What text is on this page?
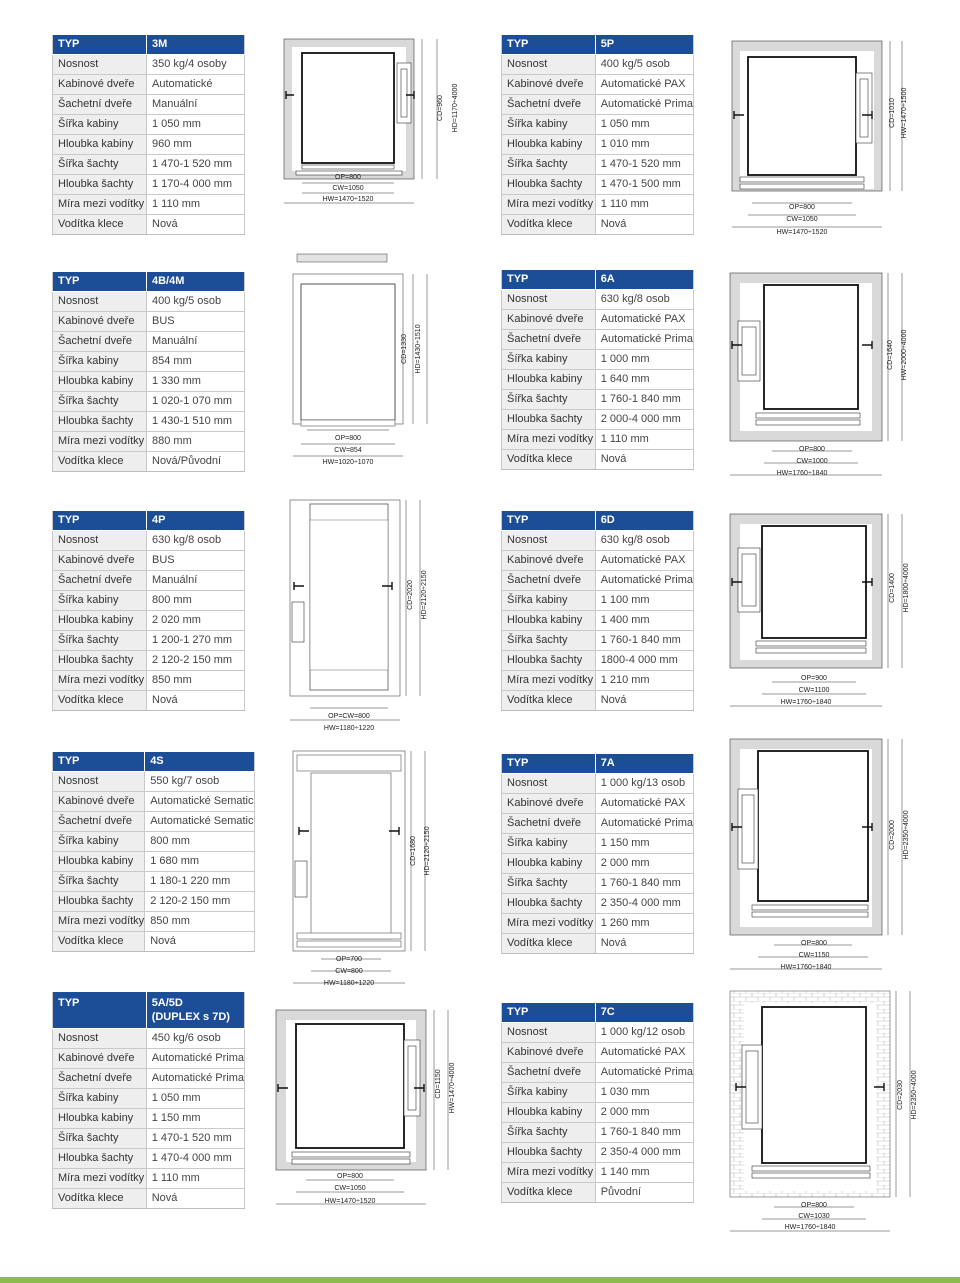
TYP	3M
Nosnost	350 kg/4 osoby
Kabinové dveře	Automatické
Šachetní dveře	Manuální
Šířka kabiny	1 050 mm
Hloubka kabiny	960 mm
Šířka šachty	1 470-1 520 mm
Hloubka šachty	1 170-4 000 mm
Míra mezi vodítky	1 110 mm
Vodítka klece	Nová
TYP	5P
Nosnost	400 kg/5 osob
Kabinové dveře	Automatické PAX
Šachetní dveře	Automatické Prima
Šířka kabiny	1 050 mm
Hloubka kabiny	1 010 mm
Šířka šachty	1 470-1 520 mm
Hloubka šachty	1 470-1 500 mm
Míra mezi vodítky	1 110 mm
Vodítka klece	Nová
TYP	4B/4M
Nosnost	400 kg/5 osob
Kabinové dveře	BUS
Šachetní dveře	Manuální
Šířka kabiny	854 mm
Hloubka kabiny	1 330 mm
Šířka šachty	1 020-1 070 mm
Hloubka šachty	1 430-1 510 mm
Míra mezi vodítky	880 mm
Vodítka klece	Nová/Původní
TYP	6A
Nosnost	630 kg/8 osob
Kabinové dveře	Automatické PAX
Šachetní dveře	Automatické Prima
Šířka kabiny	1 000 mm
Hloubka kabiny	1 640 mm
Šířka šachty	1 760-1 840 mm
Hloubka šachty	2 000-4 000 mm
Míra mezi vodítky	1 110 mm
Vodítka klece	Nová
TYP	4P
Nosnost	630 kg/8 osob
Kabinové dveře	BUS
Šachetní dveře	Manuální
Šířka kabiny	800 mm
Hloubka kabiny	2 020 mm
Šířka šachty	1 200-1 270 mm
Hloubka šachty	2 120-2 150 mm
Míra mezi vodítky	850 mm
Vodítka klece	Nová
TYP	6D
Nosnost	630 kg/8 osob
Kabinové dveře	Automatické PAX
Šachetní dveře	Automatické Prima
Šířka kabiny	1 100 mm
Hloubka kabiny	1 400 mm
Šířka šachty	1 760-1 840 mm
Hloubka šachty	1800-4 000 mm
Míra mezi vodítky	1 210 mm
Vodítka klece	Nová
TYP	4S
Nosnost	550 kg/7 osob
Kabinové dveře	Automatické Sematic
Šachetní dveře	Automatické Sematic
Šířka kabiny	800 mm
Hloubka kabiny	1 680 mm
Šířka šachty	1 180-1 220 mm
Hloubka šachty	2 120-2 150 mm
Míra mezi vodítky	850 mm
Vodítka klece	Nová
TYP	7A
Nosnost	1 000 kg/13 osob
Kabinové dveře	Automatické PAX
Šachetní dveře	Automatické Prima
Šířka kabiny	1 150 mm
Hloubka kabiny	2 000 mm
Šířka šachty	1 760-1 840 mm
Hloubka šachty	2 350-4 000 mm
Míra mezi vodítky	1 260 mm
Vodítka klece	Nová
TYP	5A/5D
(DUPLEX s 7D)
Nosnost	450 kg/6 osob
Kabinové dveře	Automatické Prima
Šachetní dveře	Automatické Prima
Šířka kabiny	1 050 mm
Hloubka kabiny	1 150 mm
Šířka šachty	1 470-1 520 mm
Hloubka šachty	1 470-4 000 mm
Míra mezi vodítky	1 110 mm
Vodítka klece	Nová
TYP	7C
Nosnost	1 000 kg/12 osob
Kabinové dveře	Automatické PAX
Šachetní dveře	Automatické Prima
Šířka kabiny	1 030 mm
Hloubka kabiny	2 000 mm
Šířka šachty	1 760-1 840 mm
Hloubka šachty	2 350-4 000 mm
Míra mezi vodítky	1 140 mm
Vodítka klece	Původní
OP=800
CW=1050
HW=1470÷1520
CD=960 HD=1170÷4000
OP=800
CW=1050
HW=1470÷1520
CD=1010 HW=1470÷1500
OP=800
CW=854
HW=1020÷1070
CD=1330 HD=1430÷1510
OP=800
CW=1000
HW=1760÷1840
CD=1640 HW=2000÷4000
OP=CW=800
HW=1180÷1220
CD=2020 HD=2120÷2150
OP=900
CW=1100
HW=1760÷1840
CD=1400 HD=1800÷4000
OP=700
CW=800
HW=1180÷1220
CD=1680 HD=2120÷2150
OP=800
CW=1150
HW=1760÷1840
CD=2000 HD=2350÷4000
OP=800
CW=1050
HW=1470÷1520
CD=1150 HW=1470÷4000
OP=800
CW=1030
HW=1760÷1840
CD=2030 HD=2350÷4000
